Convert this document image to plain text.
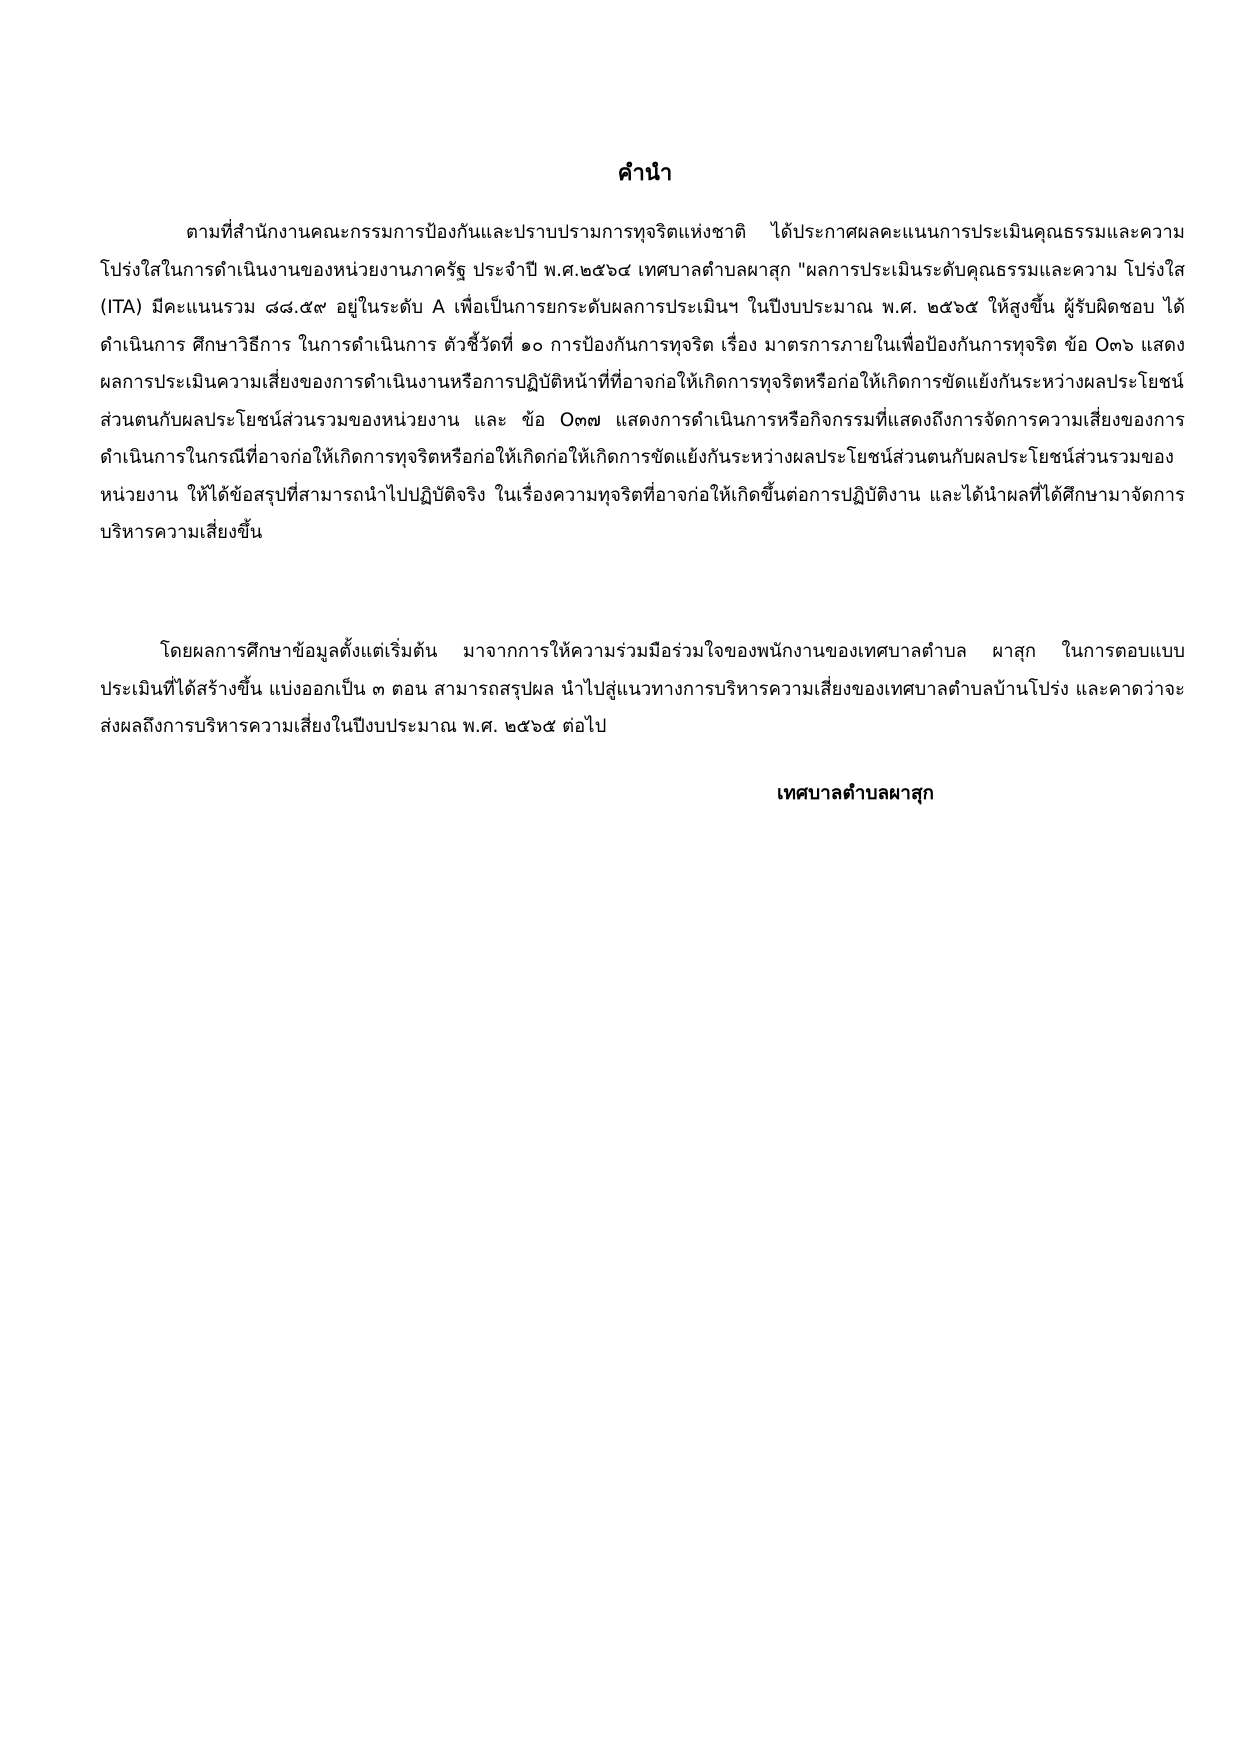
คำนำ

ตามที่สำนักงานคณะกรรมการป้องกันและปราบปรามการทุจริตแห่งชาติ ได้ประกาศผลคะแนนการประเมินคุณธรรมและความโปร่งใสในการดำเนินงานของหน่วยงานภาครัฐ ประจำปี พ.ศ.๒๕๖๔ เทศบาลตำบลผาสุก "ผลการประเมินระดับคุณธรรมและความ โปร่งใส (ITA) มีคะแนนรวม ๘๘.๕๙ อยู่ในระดับ A เพื่อเป็นการยกระดับผลการประเมินฯ ในปีงบประมาณ พ.ศ. ๒๕๖๕ ให้สูงขึ้น ผู้รับผิดชอบ ได้ดำเนินการ ศึกษาวิธีการ ในการดำเนินการ ตัวชี้วัดที่ ๑๐ การป้องกันการทุจริต เรื่อง มาตรการภายในเพื่อป้องกันการทุจริต ข้อ O๓๖ แสดงผลการประเมินความเสี่ยงของการดำเนินงานหรือการปฏิบัติหน้าที่ที่อาจก่อให้เกิดการทุจริตหรือก่อให้เกิดการขัดแย้งกันระหว่างผลประโยชน์ส่วนตนกับผลประโยชน์ส่วนรวมของหน่วยงาน และ ข้อ O๓๗ แสดงการดำเนินการหรือกิจกรรมที่แสดงถึงการจัดการความเสี่ยงของการดำเนินการในกรณีที่อาจก่อให้เกิดการทุจริตหรือก่อให้เกิดก่อให้เกิดการขัดแย้งกันระหว่างผลประโยชน์ส่วนตนกับผลประโยชน์ส่วนรวมของหน่วยงาน ให้ได้ข้อสรุปที่สามารถนำไปปฏิบัติจริง ในเรื่องความทุจริตที่อาจก่อให้เกิดขึ้นต่อการปฏิบัติงาน และได้นำผลที่ได้ศึกษามาจัดการบริหารความเสี่ยงขึ้น

โดยผลการศึกษาข้อมูลตั้งแต่เริ่มต้น มาจากการให้ความร่วมมือร่วมใจของพนักงานของเทศบาลตำบล ผาสุก ในการตอบแบบประเมินที่ได้สร้างขึ้น แบ่งออกเป็น ๓ ตอน สามารถสรุปผล นำไปสู่แนวทางการบริหารความเสี่ยงของเทศบาลตำบลบ้านโปร่ง และคาดว่าจะส่งผลถึงการบริหารความเสี่ยงในปีงบประมาณ พ.ศ. ๒๕๖๕ ต่อไป

เทศบาลตำบลผาสุก
